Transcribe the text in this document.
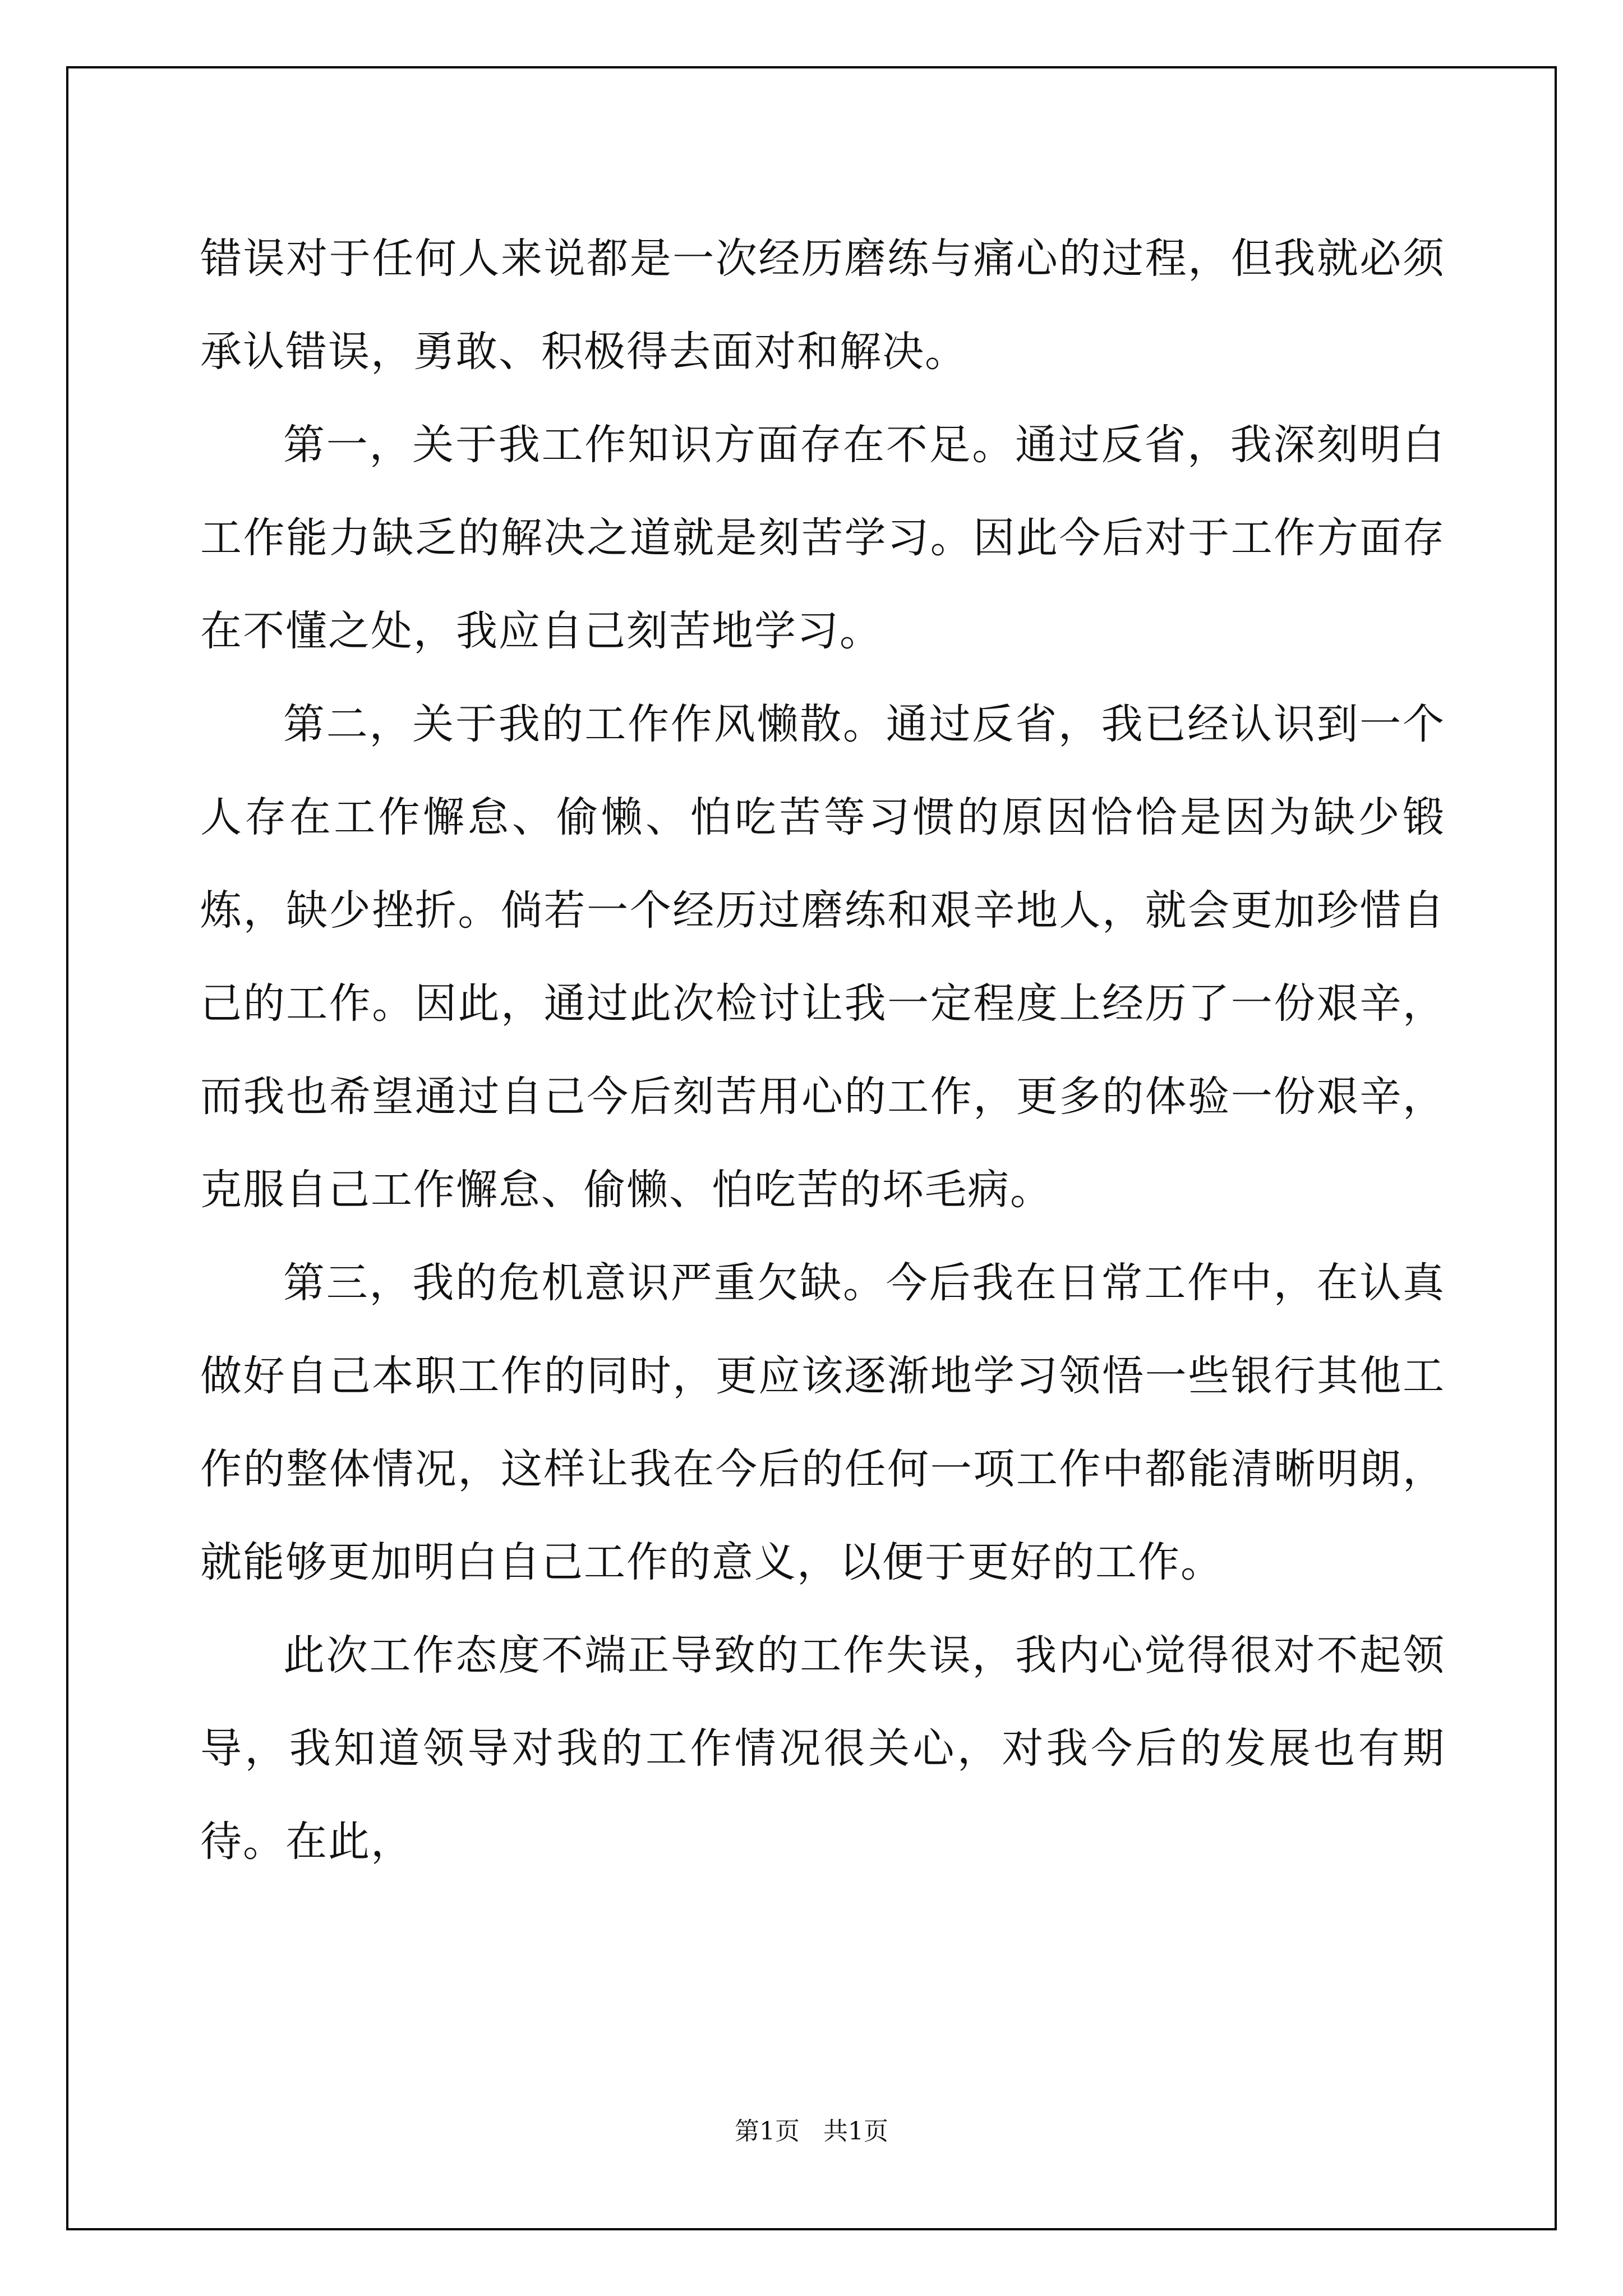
错误对于任何人来说都是一次经历磨练与痛心的过程，但我就必须承认错误，勇敢、积极得去面对和解决。

第一，关于我工作知识方面存在不足。通过反省，我深刻明白工作能力缺乏的解决之道就是刻苦学习。因此今后对于工作方面存在不懂之处，我应自己刻苦地学习。

第二，关于我的工作作风懒散。通过反省，我已经认识到一个人存在工作懈怠、偷懒、怕吃苦等习惯的原因恰恰是因为缺少锻炼，缺少挫折。倘若一个经历过磨练和艰辛地人，就会更加珍惜自己的工作。因此，通过此次检讨让我一定程度上经历了一份艰辛，而我也希望通过自己今后刻苦用心的工作，更多的体验一份艰辛，克服自己工作懈怠、偷懒、怕吃苦的坏毛病。

第三，我的危机意识严重欠缺。今后我在日常工作中，在认真做好自己本职工作的同时，更应该逐渐地学习领悟一些银行其他工作的整体情况，这样让我在今后的任何一项工作中都能清晰明朗，就能够更加明白自己工作的意义，以便于更好的工作。

此次工作态度不端正导致的工作失误，我内心觉得很对不起领导，我知道领导对我的工作情况很关心，对我今后的发展也有期待。在此，

第1页 共1页
